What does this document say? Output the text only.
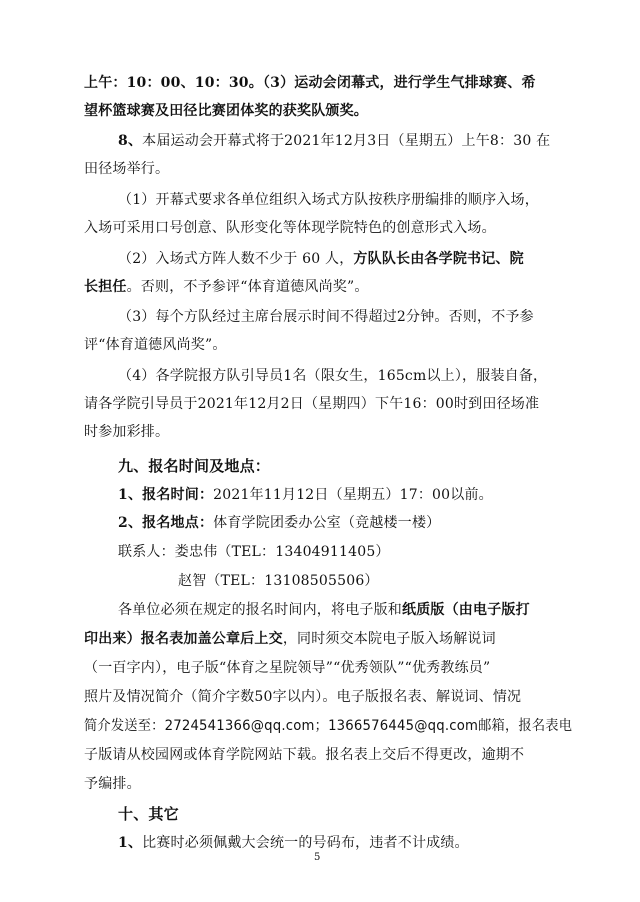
上午：10：00、10：30。（3）运动会闭幕式，进行学生气排球赛、希
望杯篮球赛及田径比赛团体奖的获奖队颁奖。
8、本届运动会开幕式将于2021年12月3日（星期五）上午8：30 在
田径场举行。
（1）开幕式要求各单位组织入场式方队按秩序册编排的顺序入场，
入场可采用口号创意、队形变化等体现学院特色的创意形式入场。
（2）入场式方阵人数不少于 60 人，方队队长由各学院书记、院
长担任。否则，不予参评“体育道德风尚奖”。
（3）每个方队经过主席台展示时间不得超过2分钟。否则，不予参
评“体育道德风尚奖”。
（4）各学院报方队引导员1名（限女生，165cm以上），服装自备，
请各学院引导员于2021年12月2日（星期四）下午16：00时到田径场准
时参加彩排。
九、报名时间及地点：
1、报名时间：2021年11月12日（星期五）17：00以前。
2、报名地点：体育学院团委办公室（竞越楼一楼）
联系人：娄忠伟（TEL：13404911405）
赵智（TEL：13108505506）
各单位必须在规定的报名时间内，将电子版和纸质版（由电子版打
印出来）报名表加盖公章后上交，同时须交本院电子版入场解说词
（一百字内），电子版“体育之星院领导”“优秀领队”“优秀教练员”
照片及情况简介（简介字数50字以内）。电子版报名表、解说词、情况
简介发送至：2724541366@qq.com；1366576445@qq.com邮箱，报名表电
子版请从校园网或体育学院网站下载。报名表上交后不得更改，逾期不
予编排。
十、其它
1、比赛时必须佩戴大会统一的号码布，违者不计成绩。
5
